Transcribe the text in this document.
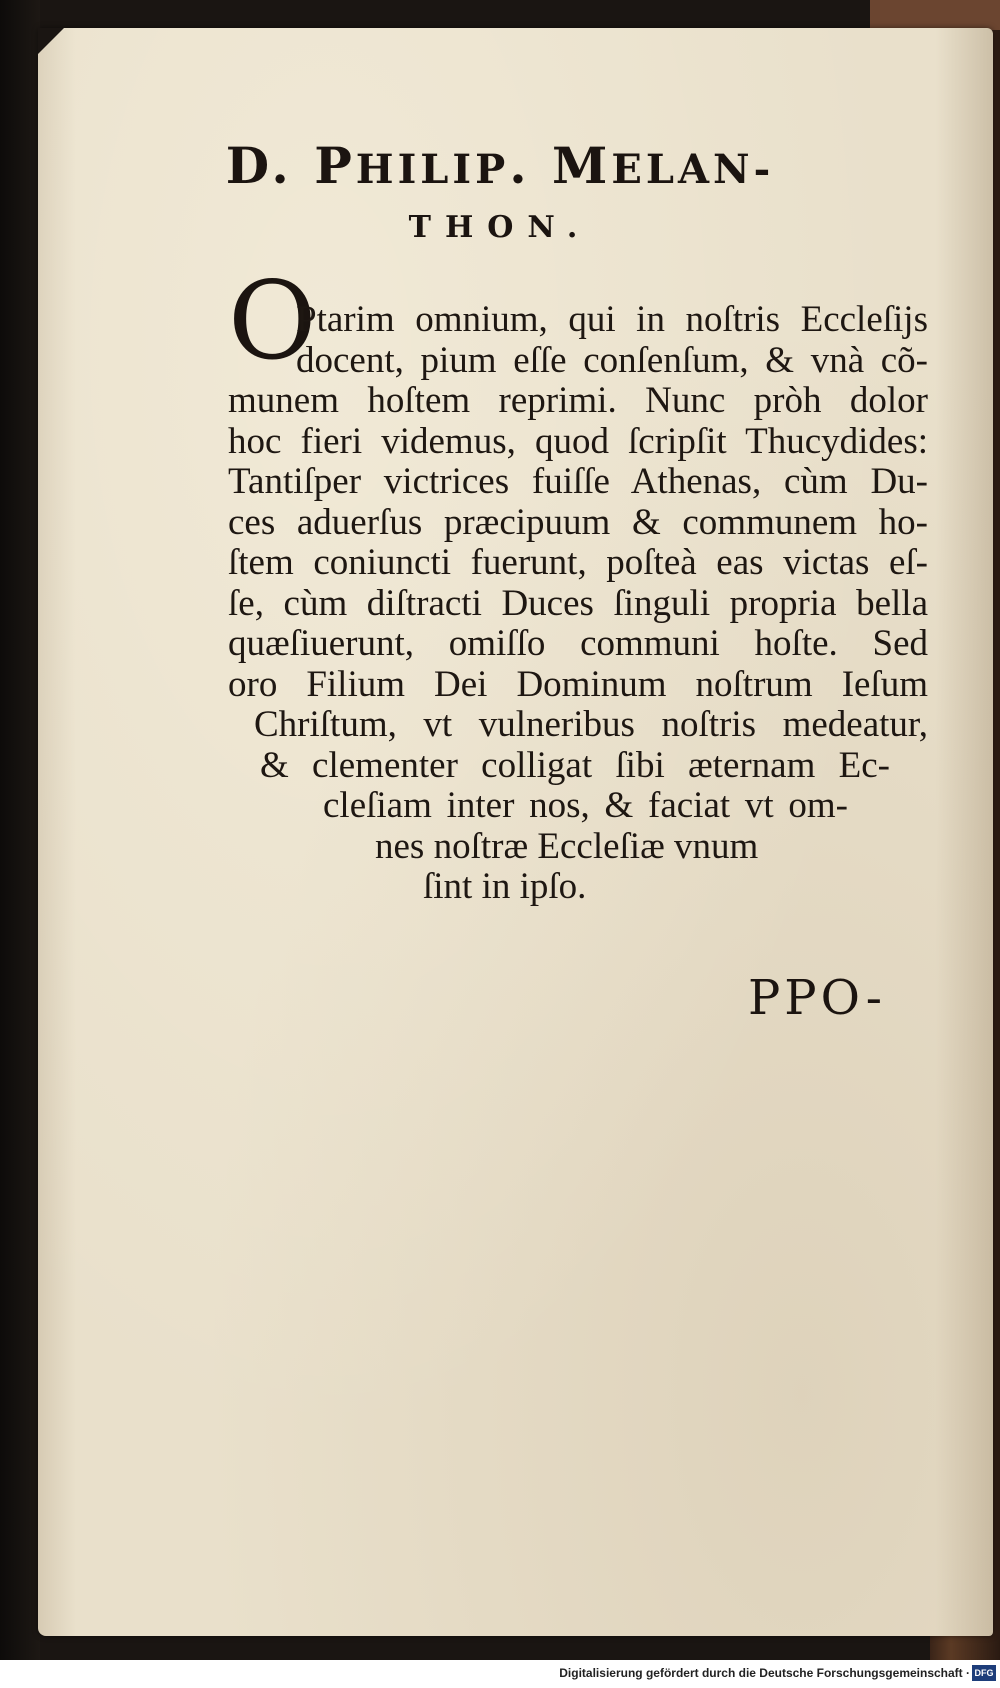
D. PHILIP. MELAN-
THON.
O
Ptarim omnium, qui in noſtris Eccleſijs
docent, pium eſſe conſenſum, & vnà cõ-
munem hoſtem reprimi. Nunc pròh dolor
hoc fieri videmus, quod ſcripſit Thucydides:
Tantiſper victrices fuiſſe Athenas, cùm Du-
ces aduerſus præcipuum & communem ho-
ſtem coniuncti fuerunt, poſteà eas victas eſ-
ſe, cùm diſtracti Duces ſinguli propria bella
quæſiuerunt, omiſſo communi hoſte. Sed
oro Filium Dei Dominum noſtrum Ieſum
Chriſtum, vt vulneribus noſtris medeatur,
& clementer colligat ſibi æternam Ec-
cleſiam inter nos, & faciat vt om-
nes noſtræ Eccleſiæ vnum
ſint in ipſo.
PPO-
Digitalisierung gefördert durch die Deutsche Forschungsgemeinschaft · DFG
